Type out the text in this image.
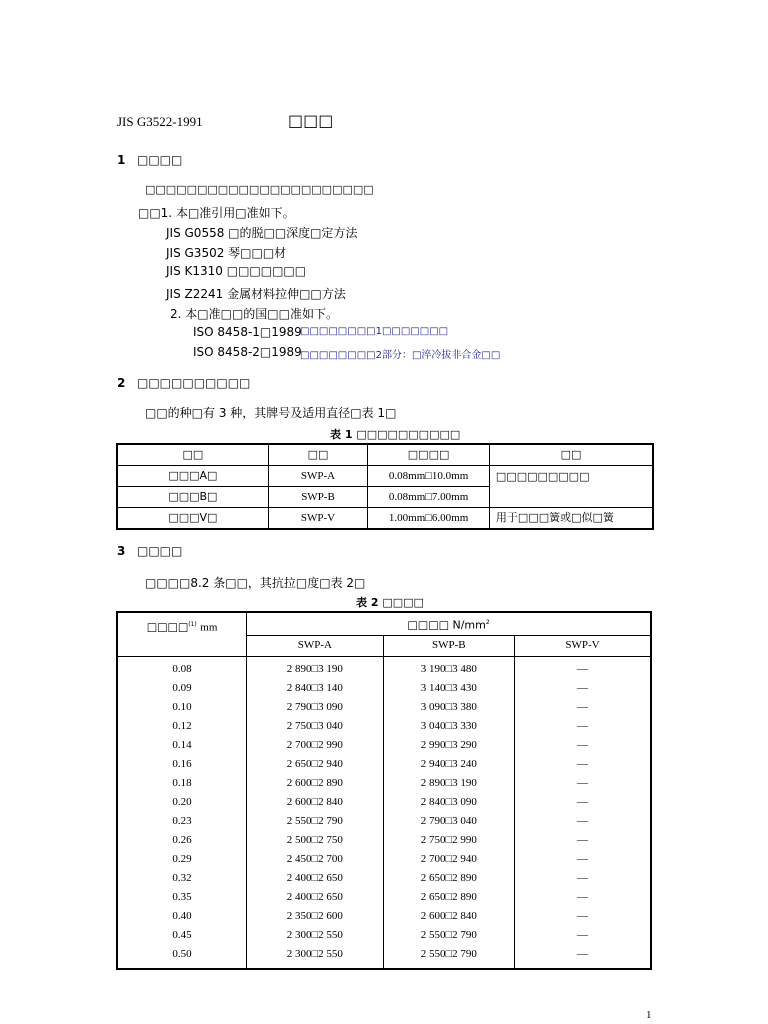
JIS G3522-1991	□□□
1 □□□□
□□□□□□□□□□□□□□□□□□□□□□
□□1. 本□准引用□准如下。
JIS G0558 □的脱□□深度□定方法
JIS G3502 琴□□□材
JIS K1310 □□□□□□□
JIS Z2241 金属材料拉伸□□方法
2. 本□准□□的国□□准如下。
ISO 8458-1□1989
□□□□□□□□1□□□□□□□
ISO 8458-2□1989
□□□□□□□□2部分：□淬冷拔非合金□□
2 □□□□□□□□□□
□□的种□有 3 种，其牌号及适用直径□表 1□
表 1 □□□□□□□□□□
□□	□□	□□□□	□□
□□□A□	SWP-A	0.08mm□10.0mm	□□□□□□□□□
□□□B□	SWP-B	0.08mm□7.00mm	
□□□V□	SWP-V	1.00mm□6.00mm	用于□□□簧或□似□簧
3 □□□□
□□□□8.2 条□□，其抗拉□度□表 2□
表 2 □□□□
□□□□$^{(1)}$ mm	□□□□ $N/mm^2$
	SWP-A	SWP-B	SWP-V
0.08	2 890□3 190	3 190□3 480	—
0.09	2 840□3 140	3 140□3 430	—
0.10	2 790□3 090	3 090□3 380	—
0.12	2 750□3 040	3 040□3 330	—
0.14	2 700□2 990	2 990□3 290	—
0.16	2 650□2 940	2 940□3 240	—
0.18	2 600□2 890	2 890□3 190	—
0.20	2 600□2 840	2 840□3 090	—
0.23	2 550□2 790	2 790□3 040	—
0.26	2 500□2 750	2 750□2 990	—
0.29	2 450□2 700	2 700□2 940	—
0.32	2 400□2 650	2 650□2 890	—
0.35	2 400□2 650	2 650□2 890	—
0.40	2 350□2 600	2 600□2 840	—
0.45	2 300□2 550	2 550□2 790	—
0.50	2 300□2 550	2 550□2 790	—
1
